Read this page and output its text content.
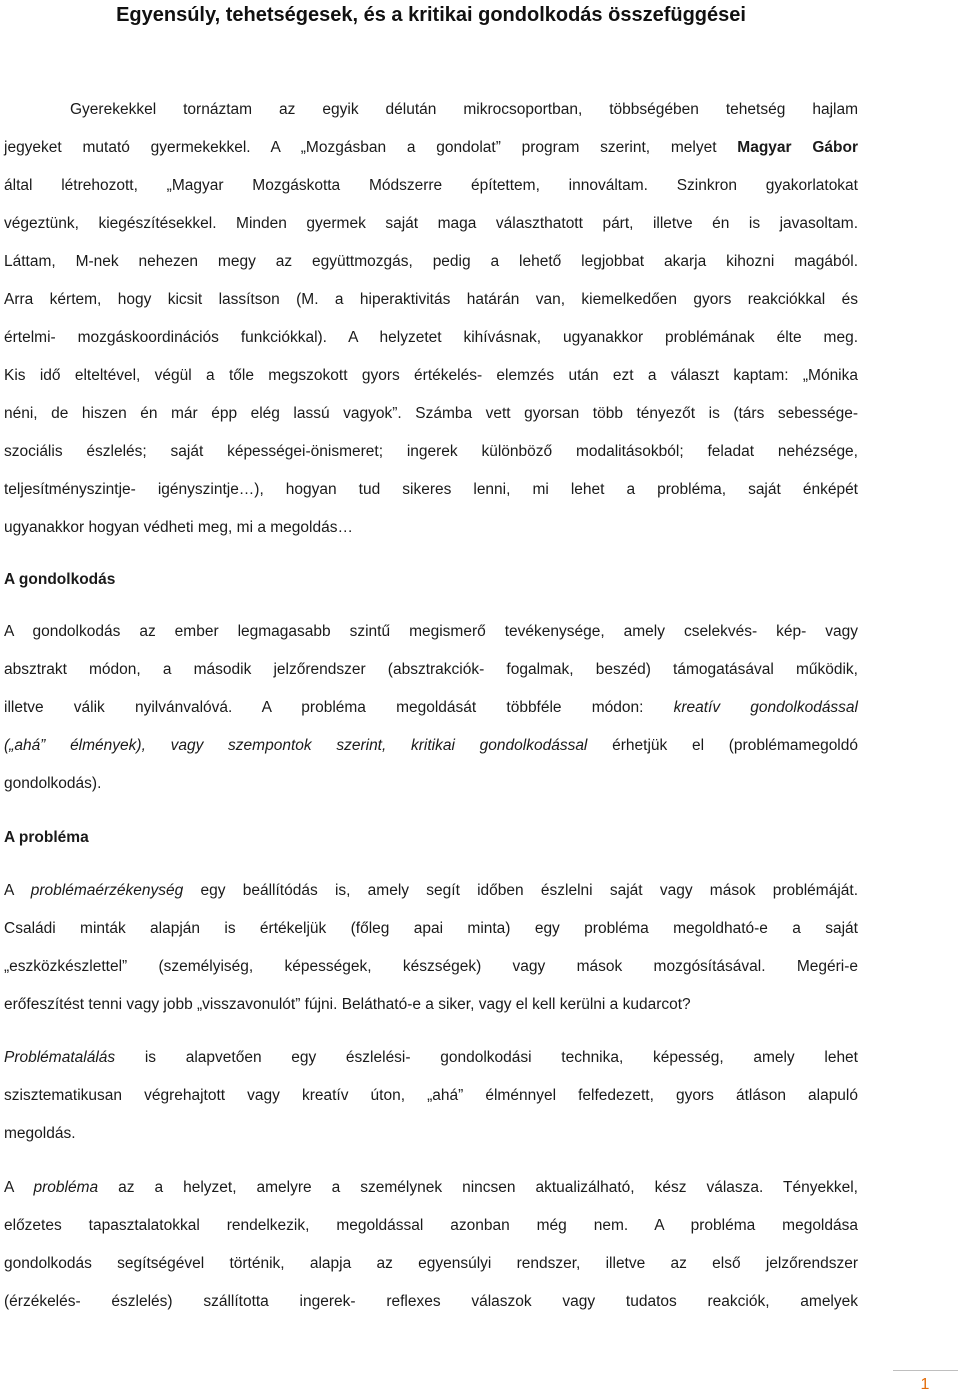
Egyensúly, tehetségesek, és a kritikai gondolkodás összefüggései
Gyerekekkel tornáztam az egyik délután mikrocsoportban, többségében tehetség hajlam
jegyeket mutató gyermekekkel. A „Mozgásban a gondolat” program szerint, melyet Magyar Gábor
által létrehozott, „Magyar Mozgáskotta Módszerre építettem, innováltam. Szinkron gyakorlatokat
végeztünk, kiegészítésekkel. Minden gyermek saját maga választhatott párt, illetve én is javasoltam.
Láttam, M-nek nehezen megy az együttmozgás, pedig a lehető legjobbat akarja kihozni magából.
Arra kértem, hogy kicsit lassítson (M. a hiperaktivitás határán van, kiemelkedően gyors reakciókkal és
értelmi- mozgáskoordinációs funkciókkal). A helyzetet kihívásnak, ugyanakkor problémának élte meg.
Kis idő elteltével, végül a tőle megszokott gyors értékelés- elemzés után ezt a választ kaptam: „Mónika
néni, de hiszen én már épp elég lassú vagyok”. Számba vett gyorsan több tényezőt is (társ sebessége-
szociális észlelés; saját képességei-önismeret; ingerek különböző modalitásokból; feladat nehézsége,
teljesítményszintje- igényszintje…), hogyan tud sikeres lenni, mi lehet a probléma, saját énképét
ugyanakkor hogyan védheti meg, mi a megoldás…
A gondolkodás
A gondolkodás az ember legmagasabb szintű megismerő tevékenysége, amely cselekvés- kép- vagy
absztrakt módon, a második jelzőrendszer (absztrakciók- fogalmak, beszéd) támogatásával működik,
illetve válik nyilvánvalóvá. A probléma megoldását többféle módon: kreatív gondolkodással
(„ahá” élmények), vagy szempontok szerint, kritikai gondolkodással érhetjük el (problémamegoldó
gondolkodás).
A probléma
A problémaérzékenység egy beállítódás is, amely segít időben észlelni saját vagy mások problémáját.
Családi minták alapján is értékeljük (főleg apai minta) egy probléma megoldható-e a saját
„eszközkészlettel” (személyiség, képességek, készségek) vagy mások mozgósításával. Megéri-e
erőfeszítést tenni vagy jobb „visszavonulót” fújni. Belátható-e a siker, vagy el kell kerülni a kudarcot?
Problématalálás is alapvetően egy észlelési- gondolkodási technika, képesség, amely lehet
szisztematikusan végrehajtott vagy kreatív úton, „ahá” élménnyel felfedezett, gyors átláson alapuló
megoldás.
A probléma az a helyzet, amelyre a személynek nincsen aktualizálható, kész válasza. Tényekkel,
előzetes tapasztalatokkal rendelkezik, megoldással azonban még nem. A probléma megoldása
gondolkodás segítségével történik, alapja az egyensúlyi rendszer, illetve az első jelzőrendszer
(érzékelés- észlelés) szállította ingerek- reflexes válaszok vagy tudatos reakciók, amelyek
1
